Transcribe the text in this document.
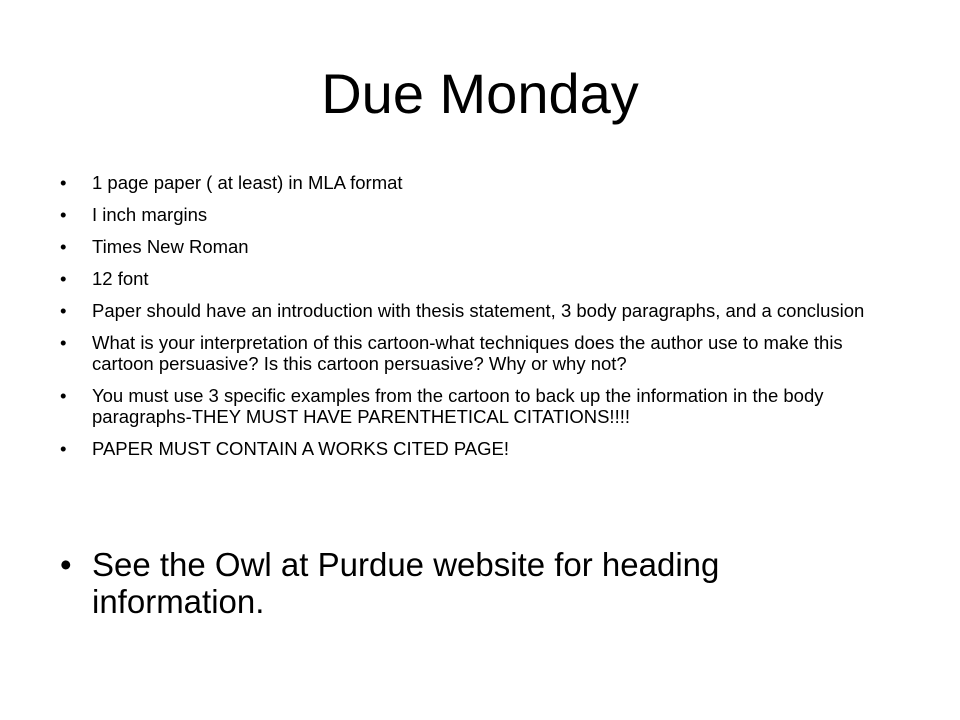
Due Monday
• 1 page paper ( at least) in MLA format
• I inch margins
• Times New Roman
• 12 font
• Paper should have an introduction with thesis statement, 3 body paragraphs, and a conclusion
• What is your interpretation of this cartoon-what techniques does the author use to make this cartoon persuasive? Is this cartoon persuasive? Why or why not?
• You must use 3 specific examples from the cartoon to back up the information in the body paragraphs-THEY MUST HAVE PARENTHETICAL CITATIONS!!!!
• PAPER MUST CONTAIN A WORKS CITED PAGE!
• See the Owl at Purdue website for heading information.
